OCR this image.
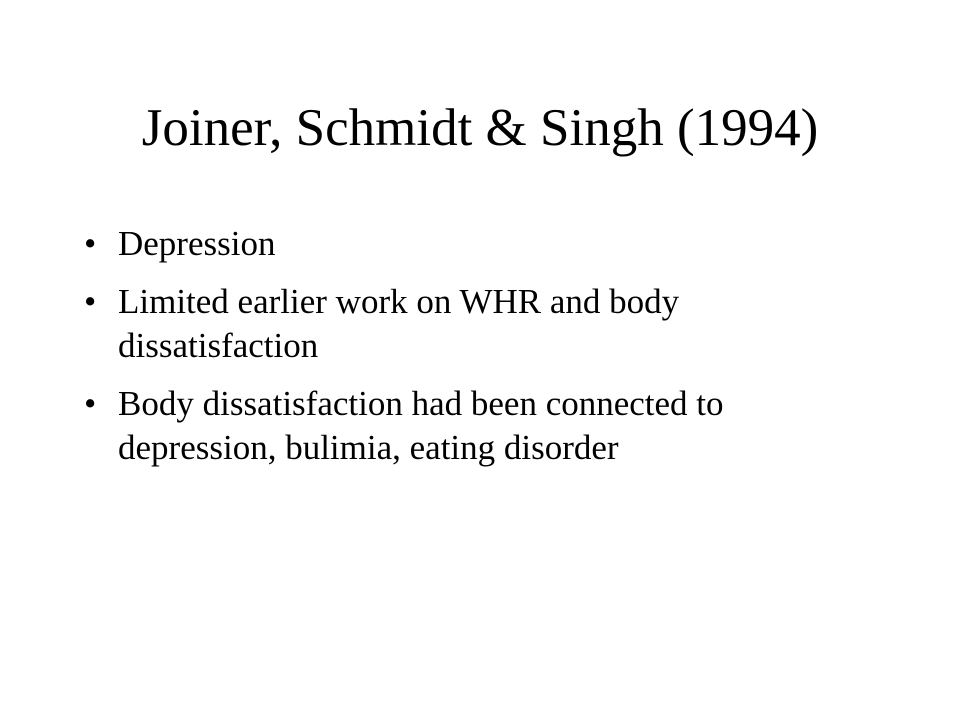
Joiner, Schmidt & Singh (1994)
• Depression
• Limited earlier work on WHR and body dissatisfaction
• Body dissatisfaction had been connected to depression, bulimia, eating disorder
